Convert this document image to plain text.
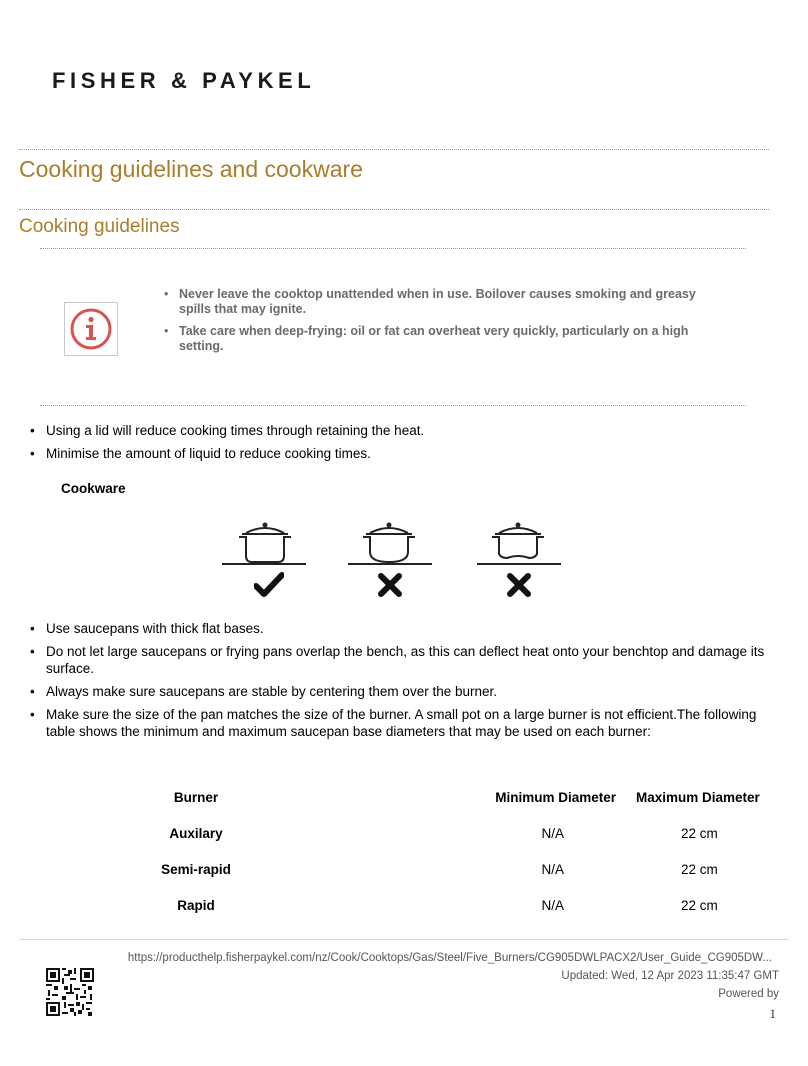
FISHER & PAYKEL
Cooking guidelines and cookware
Cooking guidelines
• Never leave the cooktop unattended when in use. Boilover causes smoking and greasy spills that may ignite.
• Take care when deep-frying: oil or fat can overheat very quickly, particularly on a high setting.
• Using a lid will reduce cooking times through retaining the heat.
• Minimise the amount of liquid to reduce cooking times.
Cookware
• Use saucepans with thick flat bases.
• Do not let large saucepans or frying pans overlap the bench, as this can deflect heat onto your benchtop and damage its surface.
• Always make sure saucepans are stable by centering them over the burner.
• Make sure the size of the pan matches the size of the burner. A small pot on a large burner is not efficient.The following table shows the minimum and maximum saucepan base diameters that may be used on each burner:
Burner	Minimum Diameter	Maximum Diameter
Auxilary	N/A	22 cm
Semi-rapid	N/A	22 cm
Rapid	N/A	22 cm
https://producthelp.fisherpaykel.com/nz/Cook/Cooktops/Gas/Steel/Five_Burners/CG905DWLPACX2/User_Guide_CG905DW...
Updated: Wed, 12 Apr 2023 11:35:47 GMT
Powered by
1
